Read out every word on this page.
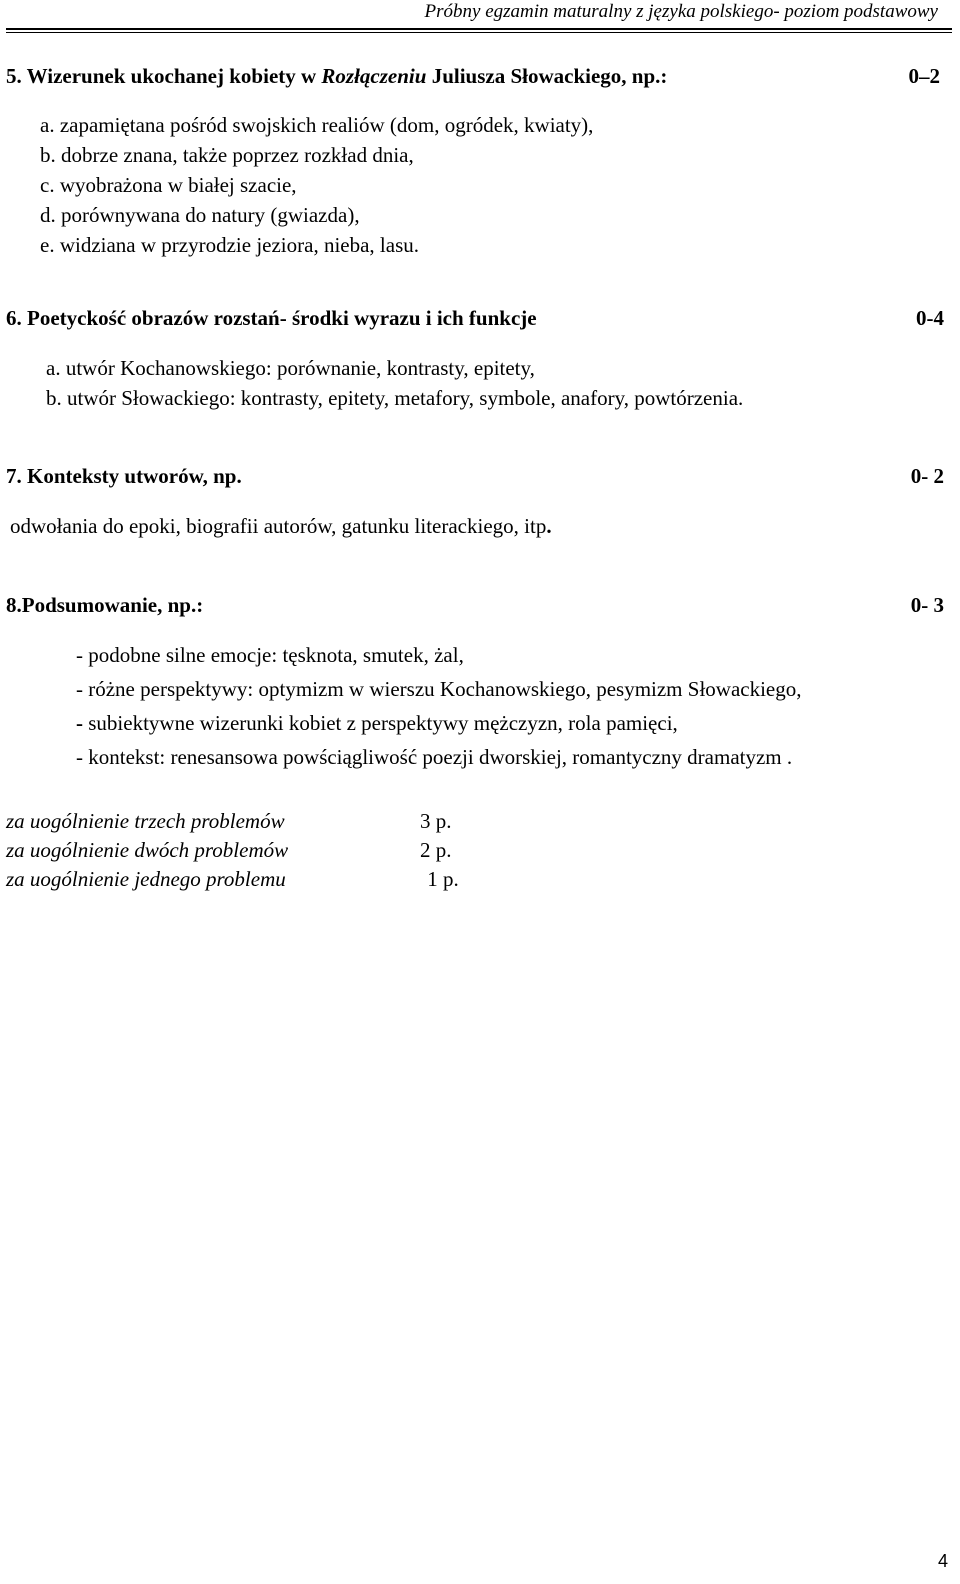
Próbny egzamin maturalny z języka polskiego- poziom podstawowy
5. Wizerunek ukochanej kobiety w Rozłączeniu Juliusza Słowackiego, np.:	0–2
a. zapamiętana pośród swojskich realiów (dom, ogródek, kwiaty),
b. dobrze znana, także poprzez rozkład dnia,
c. wyobrażona w białej szacie,
d. porównywana do natury (gwiazda),
e. widziana w przyrodzie jeziora, nieba, lasu.
6. Poetyckość obrazów rozstań- środki wyrazu i ich funkcje	0-4
a. utwór Kochanowskiego: porównanie, kontrasty, epitety,
b. utwór Słowackiego: kontrasty, epitety, metafory, symbole, anafory, powtórzenia.
7. Konteksty utworów, np.	0- 2
odwołania do epoki, biografii autorów, gatunku literackiego, itp.
8.Podsumowanie, np.:	0- 3
- podobne silne emocje: tęsknota, smutek, żal,
- różne perspektywy: optymizm w wierszu Kochanowskiego, pesymizm Słowackiego,
- subiektywne wizerunki kobiet z perspektywy mężczyzn, rola pamięci,
- kontekst: renesansowa powściągliwość poezji dworskiej, romantyczny dramatyzm .
za uogólnienie trzech problemów	3 p.
za uogólnienie dwóch problemów	2 p.
za uogólnienie jednego problemu	1 p.
4
